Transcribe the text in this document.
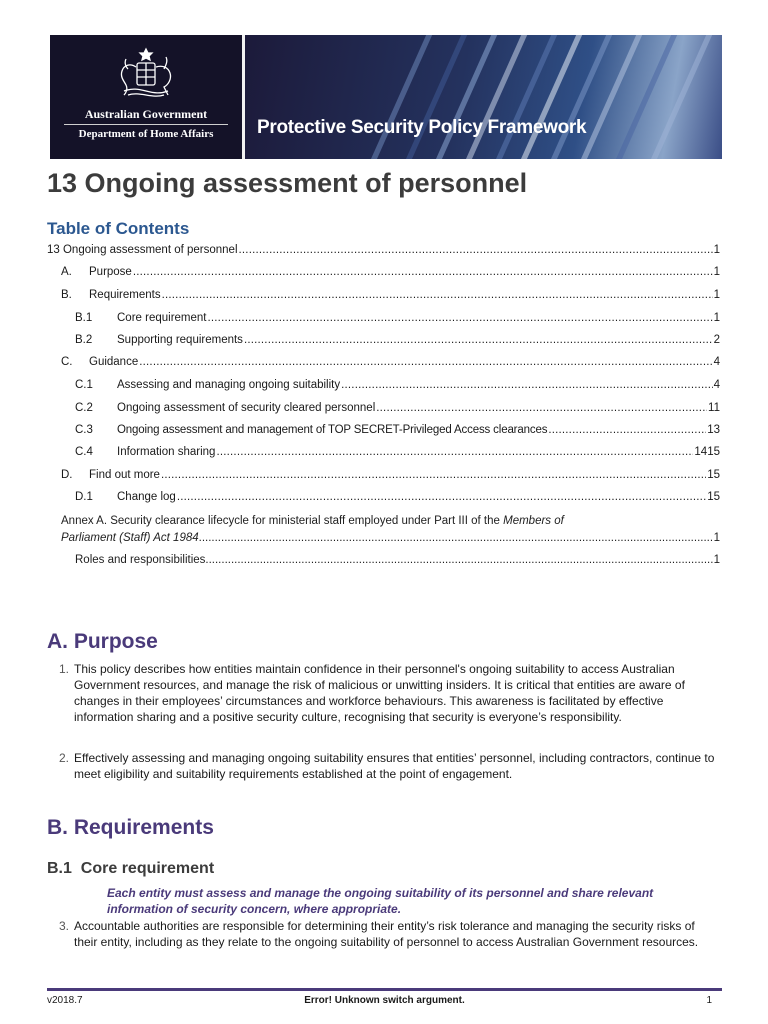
Australian Government
Department of Home Affairs	Protective Security Policy Framework
13 Ongoing assessment of personnel
Table of Contents
13 Ongoing assessment of personnel .....	1
A.	Purpose .....	1
B.	Requirements .....	1
B.1	Core requirement .....	1
B.2	Supporting requirements .....	2
C.	Guidance .....	4
C.1	Assessing and managing ongoing suitability .....	4
C.2	Ongoing assessment of security cleared personnel .....	11
C.3	Ongoing assessment and management of TOP SECRET-Privileged Access clearances .....	13
C.4	Information sharing .....	1415
D.	Find out more .....	15
D.1	Change log .....	15
Annex A. Security clearance lifecycle for ministerial staff employed under Part III of the Members of
Parliament (Staff) Act 1984 .....	1
Roles and responsibilities .....	1
A. Purpose
1. This policy describes how entities maintain confidence in their personnel's ongoing suitability to access Australian Government resources, and manage the risk of malicious or unwitting insiders. It is critical that entities are aware of changes in their employees’ circumstances and workforce behaviours. This awareness is facilitated by effective information sharing and a positive security culture, recognising that security is everyone’s responsibility.
2. Effectively assessing and managing ongoing suitability ensures that entities’ personnel, including contractors, continue to meet eligibility and suitability requirements established at the point of engagement.
B. Requirements
B.1  Core requirement
Each entity must assess and manage the ongoing suitability of its personnel and share relevant information of security concern, where appropriate.
3. Accountable authorities are responsible for determining their entity’s risk tolerance and managing the security risks of their entity, including as they relate to the ongoing suitability of personnel to access Australian Government resources.
v2018.7	Error! Unknown switch argument.	1
